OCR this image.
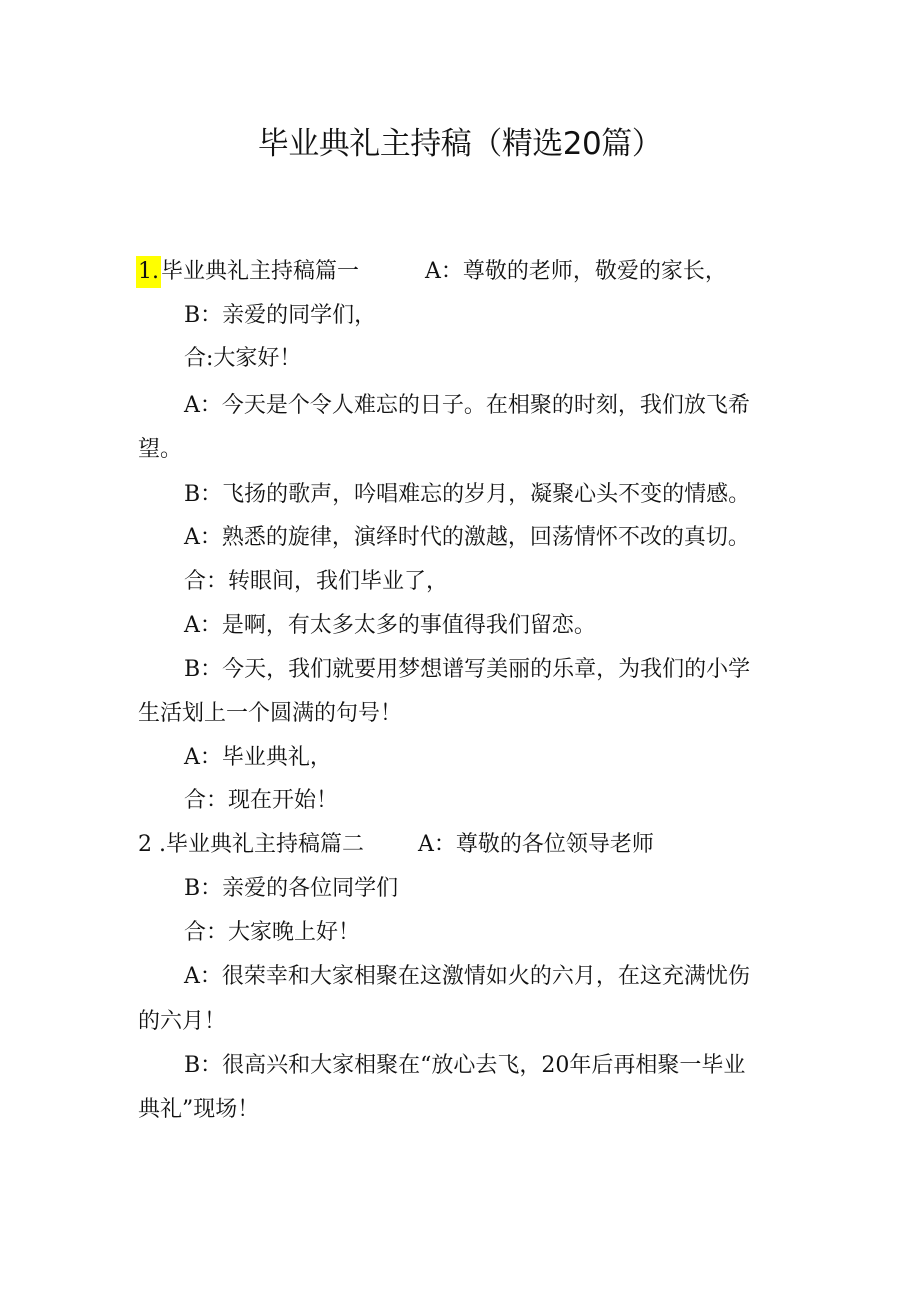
毕业典礼主持稿（精选20篇）
1.毕业典礼主持稿篇一	A：尊敬的老师，敬爱的家长，
B：亲爱的同学们，
合:大家好！
A：今天是个令人难忘的日子。在相聚的时刻，我们放飞希
望。
B：飞扬的歌声，吟唱难忘的岁月，凝聚心头不变的情感。
A：熟悉的旋律，演绎时代的激越，回荡情怀不改的真切。
合：转眼间，我们毕业了，
A：是啊，有太多太多的事值得我们留恋。
B：今天，我们就要用梦想谱写美丽的乐章，为我们的小学
生活划上一个圆满的句号！
A：毕业典礼，
合：现在开始！
2 .毕业典礼主持稿篇二 A：尊敬的各位领导老师
B：亲爱的各位同学们
合：大家晚上好！
A：很荣幸和大家相聚在这激情如火的六月，在这充满忧伤
的六月！
B：很高兴和大家相聚在“放心去飞，20年后再相聚一毕业
典礼”现场！
